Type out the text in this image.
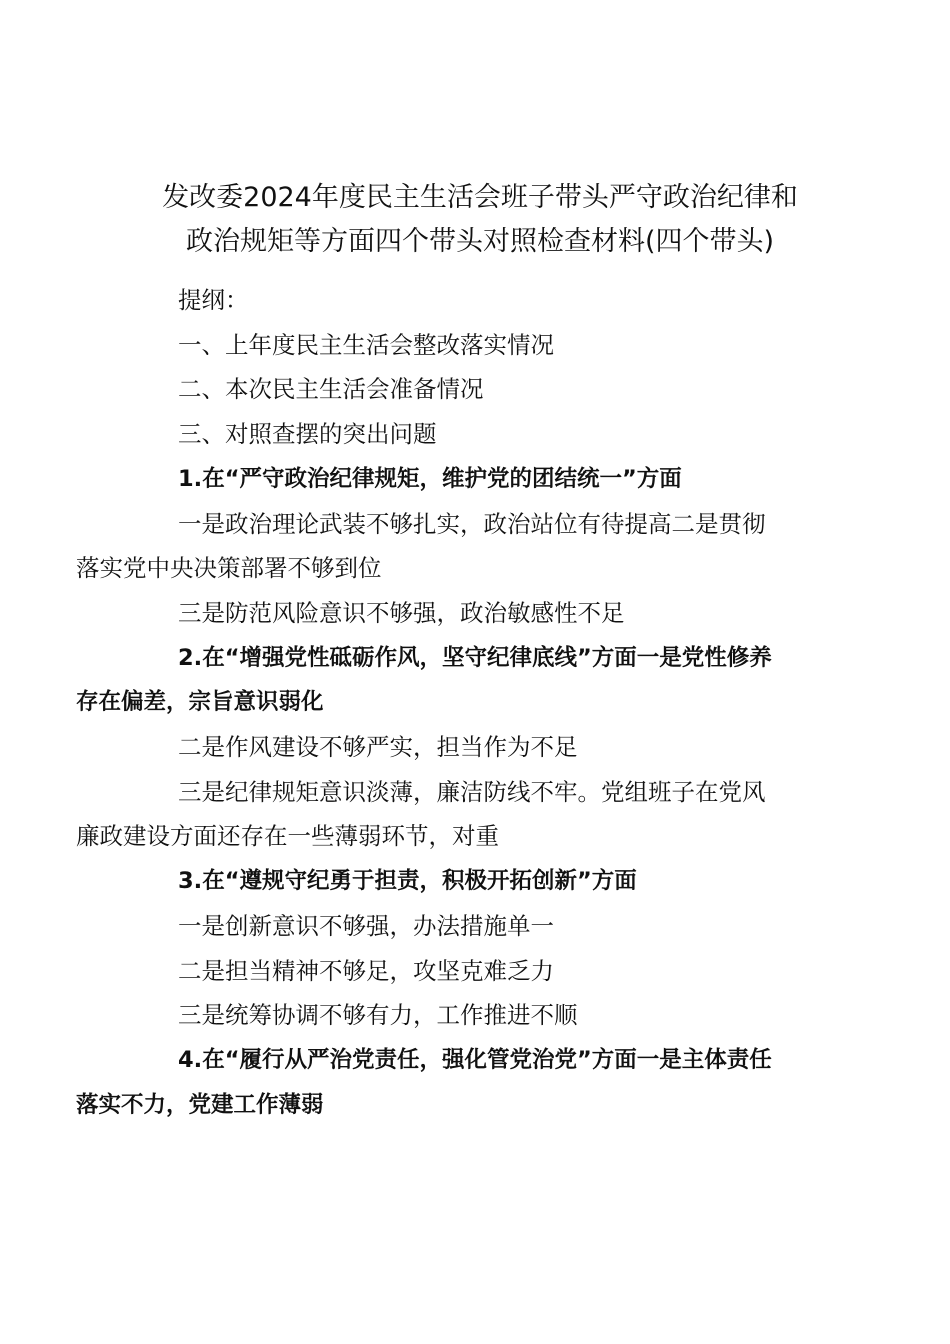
发改委2024年度民主生活会班子带头严守政治纪律和
政治规矩等方面四个带头对照检查材料(四个带头)

提纲：

一、上年度民主生活会整改落实情况

二、本次民主生活会准备情况

三、对照查摆的突出问题

1.在“严守政治纪律规矩，维护党的团结统一”方面

一是政治理论武装不够扎实，政治站位有待提高二是贯彻
落实党中央决策部署不够到位

三是防范风险意识不够强，政治敏感性不足

2.在“增强党性砥砺作风，坚守纪律底线”方面一是党性修养
存在偏差，宗旨意识弱化

二是作风建设不够严实，担当作为不足

三是纪律规矩意识淡薄，廉洁防线不牢。党组班子在党风
廉政建设方面还存在一些薄弱环节，对重

3.在“遵规守纪勇于担责，积极开拓创新”方面

一是创新意识不够强，办法措施单一

二是担当精神不够足，攻坚克难乏力

三是统筹协调不够有力，工作推进不顺

4.在“履行从严治党责任，强化管党治党”方面一是主体责任
落实不力，党建工作薄弱
